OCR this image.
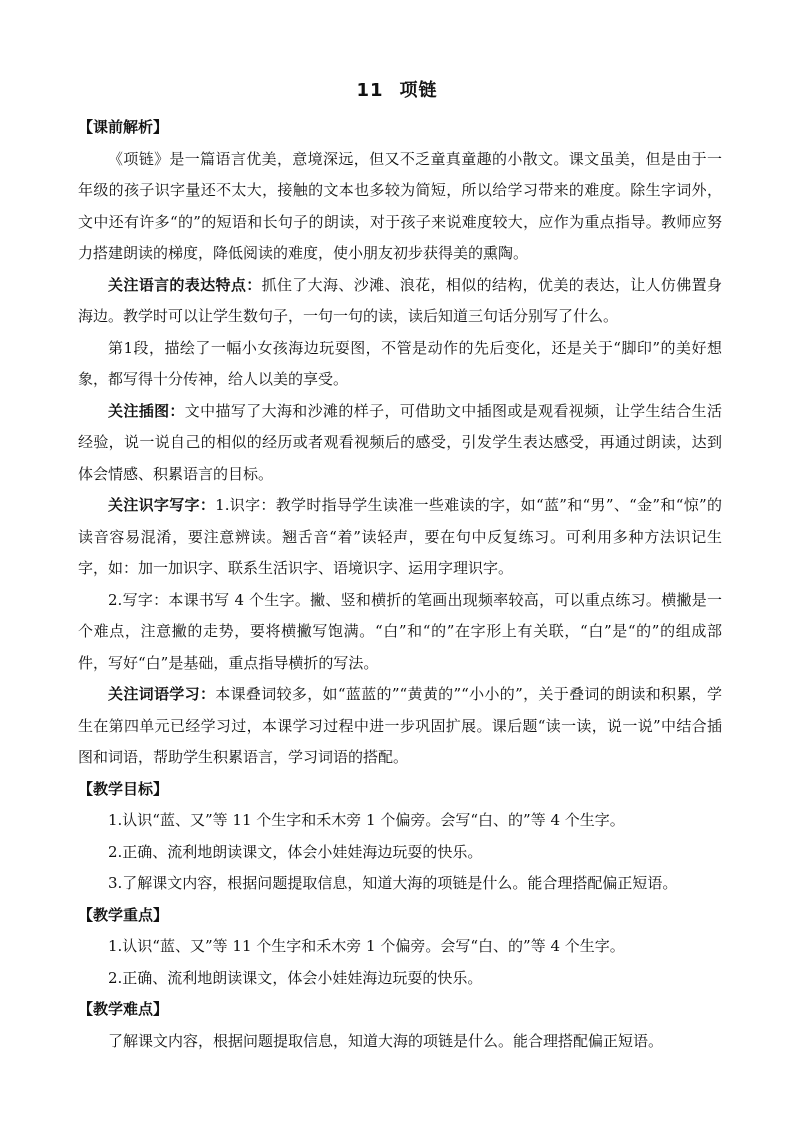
11 项链
【课前解析】

《项链》是一篇语言优美，意境深远，但又不乏童真童趣的小散文。课文虽美，但是由于一年级的孩子识字量还不太大，接触的文本也多较为简短，所以给学习带来的难度。除生字词外，文中还有许多“的”的短语和长句子的朗读，对于孩子来说难度较大，应作为重点指导。教师应努力搭建朗读的梯度，降低阅读的难度，使小朋友初步获得美的熏陶。

关注语言的表达特点：抓住了大海、沙滩、浪花，相似的结构，优美的表达，让人仿佛置身海边。教学时可以让学生数句子，一句一句的读，读后知道三句话分别写了什么。

第1段，描绘了一幅小女孩海边玩耍图，不管是动作的先后变化，还是关于“脚印”的美好想象，都写得十分传神，给人以美的享受。

关注插图：文中描写了大海和沙滩的样子，可借助文中插图或是观看视频，让学生结合生活经验，说一说自己的相似的经历或者观看视频后的感受，引发学生表达感受，再通过朗读，达到体会情感、积累语言的目标。

关注识字写字：1.识字：教学时指导学生读准一些难读的字，如“蓝”和“男”、“金”和“惊”的读音容易混淆，要注意辨读。翘舌音“着”读轻声，要在句中反复练习。可利用多种方法识记生字，如：加一加识字、联系生活识字、语境识字、运用字理识字。

2.写字：本课书写 4 个生字。撇、竖和横折的笔画出现频率较高，可以重点练习。横撇是一个难点，注意撇的走势，要将横撇写饱满。“白”和“的”在字形上有关联，“白”是“的”的组成部件，写好“白”是基础，重点指导横折的写法。

关注词语学习：本课叠词较多，如“蓝蓝的”“黄黄的”“小小的”，关于叠词的朗读和积累，学生在第四单元已经学习过，本课学习过程中进一步巩固扩展。课后题“读一读，说一说”中结合插图和词语，帮助学生积累语言，学习词语的搭配。

【教学目标】

1.认识“蓝、又”等 11 个生字和禾木旁 1 个偏旁。会写“白、的”等 4 个生字。

2.正确、流利地朗读课文，体会小娃娃海边玩耍的快乐。

3.了解课文内容，根据问题提取信息，知道大海的项链是什么。能合理搭配偏正短语。

【教学重点】

1.认识“蓝、又”等 11 个生字和禾木旁 1 个偏旁。会写“白、的”等 4 个生字。

2.正确、流利地朗读课文，体会小娃娃海边玩耍的快乐。

【教学难点】

了解课文内容，根据问题提取信息，知道大海的项链是什么。能合理搭配偏正短语。
